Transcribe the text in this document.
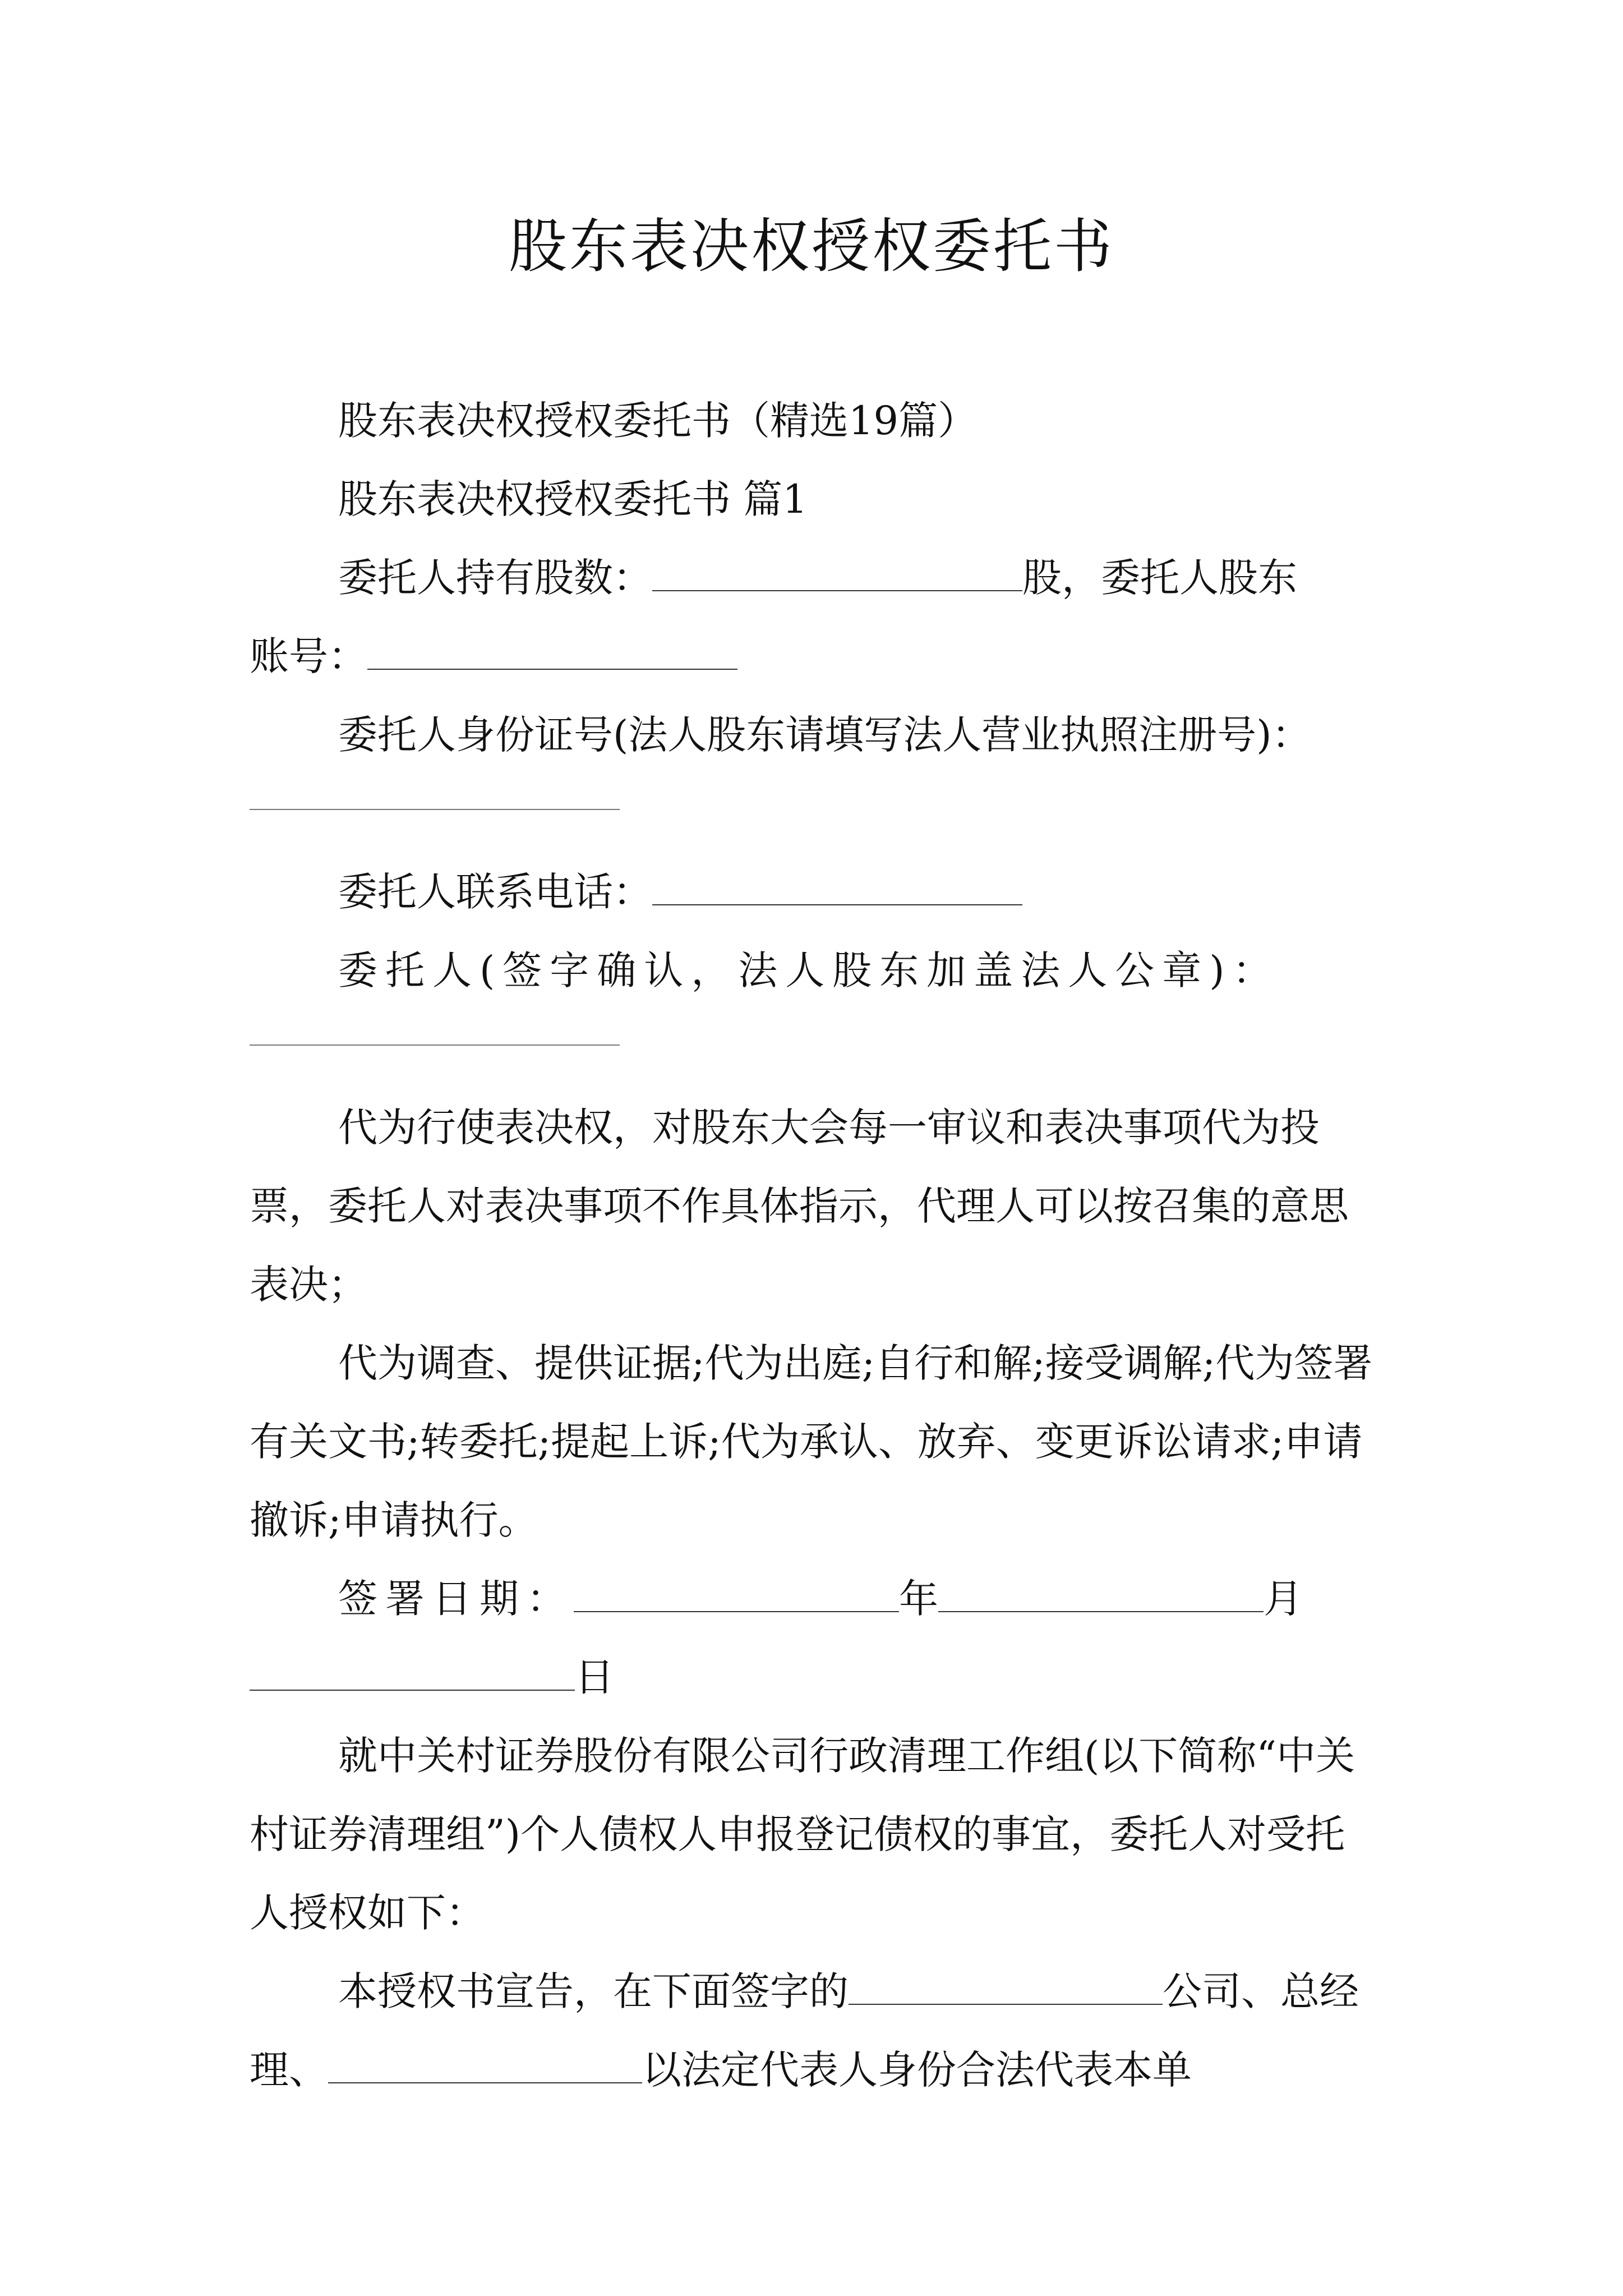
股东表决权授权委托书

股东表决权授权委托书（精选19篇）

股东表决权授权委托书 篇1

委托人持有股数：	股，委托人股东
账号：

委托人身份证号(法人股东请填写法人营业执照注册号)：

委托人联系电话：

委托人(签字确认，法人股东加盖法人公章)：

代为行使表决权，对股东大会每一审议和表决事项代为投票，委托人对表决事项不作具体指示，代理人可以按召集的意思表决；

代为调查、提供证据;代为出庭;自行和解;接受调解;代为签署有关文书;转委托;提起上诉;代为承认、放弃、变更诉讼请求;申请撤诉;申请执行。

签署日期：	年	月
日

就中关村证券股份有限公司行政清理工作组(以下简称“中关村证券清理组”)个人债权人申报登记债权的事宜，委托人对受托人授权如下：

本授权书宣告，在下面签字的	公司、总经理、	以法定代表人身份合法代表本单
